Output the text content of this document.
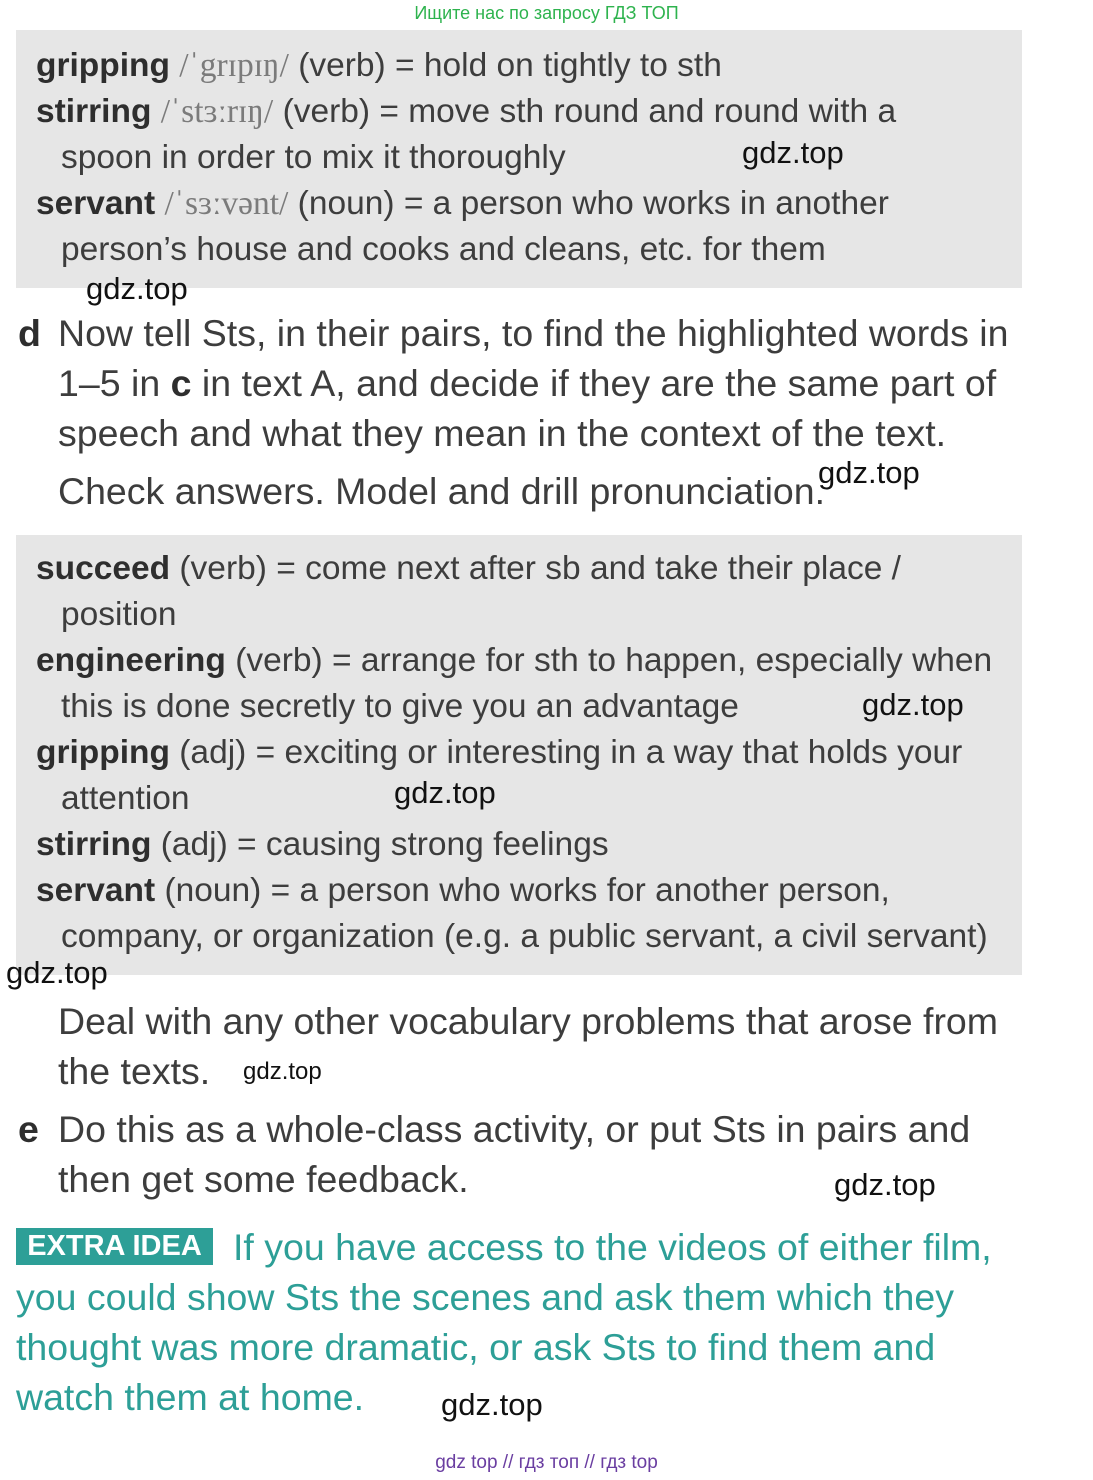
Ищите нас по запросу ГДЗ ТОП
gripping /ˈgrɪpɪŋ/ (verb) = hold on tightly to sth
stirring /ˈstɜːrɪŋ/ (verb) = move sth round and round with a
spoon in order to mix it thoroughly
servant /ˈsɜːvənt/ (noun) = a person who works in another
person’s house and cooks and cleans, etc. for them
d Now tell Sts, in their pairs, to find the highlighted words in
1–5 in c in text A, and decide if they are the same part of
speech and what they mean in the context of the text.
Check answers. Model and drill pronunciation.
succeed (verb) = come next after sb and take their place /
position
engineering (verb) = arrange for sth to happen, especially when
this is done secretly to give you an advantage
gripping (adj) = exciting or interesting in a way that holds your
attention
stirring (adj) = causing strong feelings
servant (noun) = a person who works for another person,
company, or organization (e.g. a public servant, a civil servant)
Deal with any other vocabulary problems that arose from
the texts.
e Do this as a whole-class activity, or put Sts in pairs and
then get some feedback.
EXTRA IDEA If you have access to the videos of either film,
you could show Sts the scenes and ask them which they
thought was more dramatic, or ask Sts to find them and
watch them at home.
gdz.top
gdz.top
gdz.top
gdz.top
gdz.top
gdz.top
gdz.top
gdz.top
gdz.top
gdz top // гдз топ // гдз top
